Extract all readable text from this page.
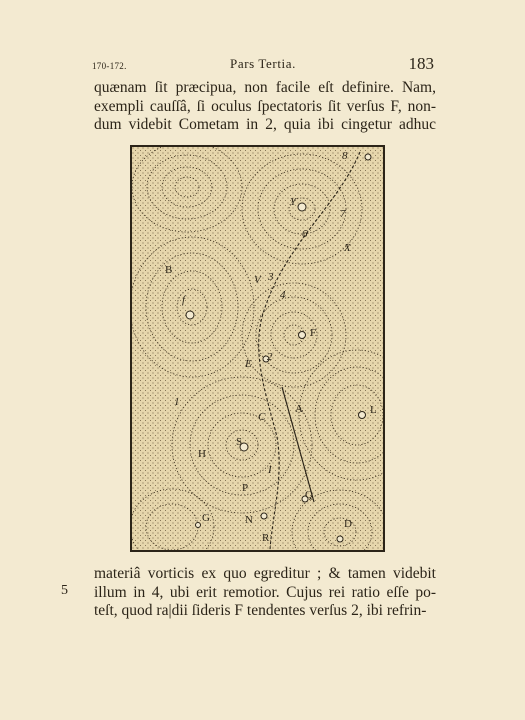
170-172.	Pars Tertia.	183
quænam ſit præcipua, non facile eſt definire. Nam,
exempli cauſſâ, ſi oculus ſpectatoris ſit verſus F, non-
dum videbit Cometam in 2, quia ibi cingetur adhuc
8
Y
7
6
X
B
f
V 3
4
F
2
E
1
A	L
C
S
H
I
P
Q
G	N	D
R
5
materiâ vorticis ex quo egreditur ; & tamen videbit
illum in 4, ubi erit remotior. Cujus rei ratio eſſe po-
teſt, quod ra|dii ſideris F tendentes verſus 2, ibi refrin-
